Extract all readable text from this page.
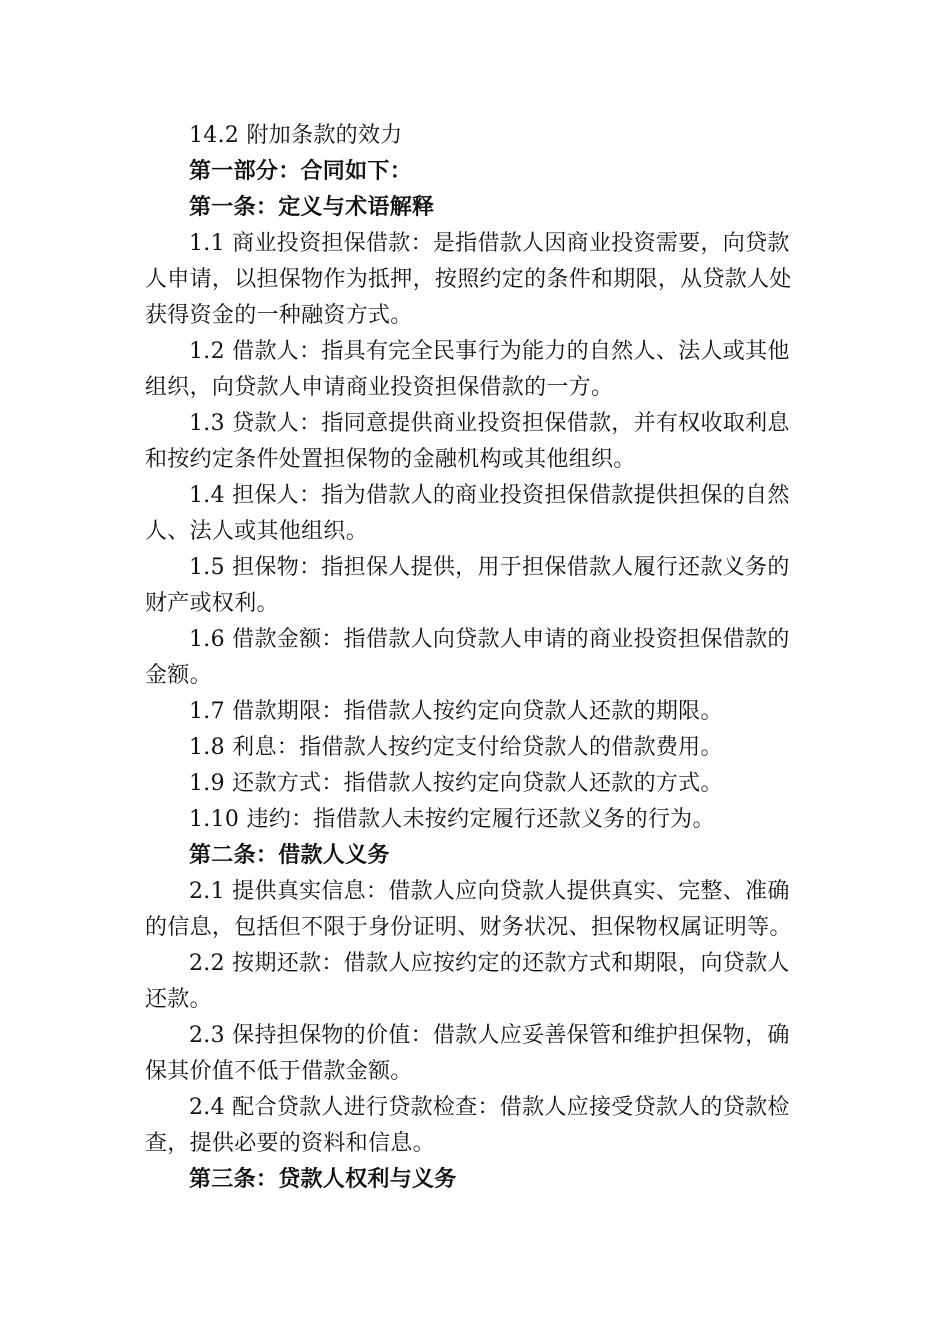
14.2 附加条款的效力
第一部分：合同如下：
第一条：定义与术语解释
1.1 商业投资担保借款：是指借款人因商业投资需要，向贷款
人申请，以担保物作为抵押，按照约定的条件和期限，从贷款人处
获得资金的一种融资方式。
1.2 借款人：指具有完全民事行为能力的自然人、法人或其他
组织，向贷款人申请商业投资担保借款的一方。
1.3 贷款人：指同意提供商业投资担保借款，并有权收取利息
和按约定条件处置担保物的金融机构或其他组织。
1.4 担保人：指为借款人的商业投资担保借款提供担保的自然
人、法人或其他组织。
1.5 担保物：指担保人提供，用于担保借款人履行还款义务的
财产或权利。
1.6 借款金额：指借款人向贷款人申请的商业投资担保借款的
金额。
1.7 借款期限：指借款人按约定向贷款人还款的期限。
1.8 利息：指借款人按约定支付给贷款人的借款费用。
1.9 还款方式：指借款人按约定向贷款人还款的方式。
1.10 违约：指借款人未按约定履行还款义务的行为。
第二条：借款人义务
2.1 提供真实信息：借款人应向贷款人提供真实、完整、准确
的信息，包括但不限于身份证明、财务状况、担保物权属证明等。
2.2 按期还款：借款人应按约定的还款方式和期限，向贷款人
还款。
2.3 保持担保物的价值：借款人应妥善保管和维护担保物，确
保其价值不低于借款金额。
2.4 配合贷款人进行贷款检查：借款人应接受贷款人的贷款检
查，提供必要的资料和信息。
第三条：贷款人权利与义务
